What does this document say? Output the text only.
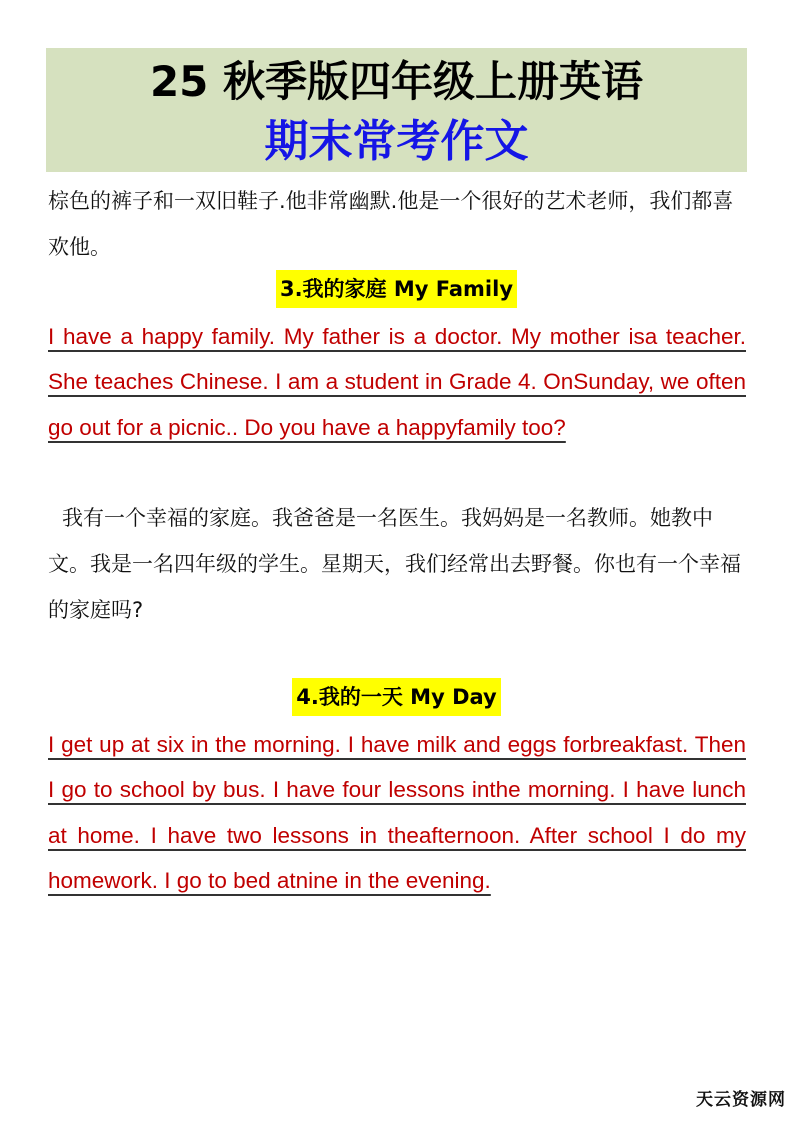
25 秋季版四年级上册英语
期末常考作文
棕色的裤子和一双旧鞋子.他非常幽默.他是一个很好的艺术老师，我们都喜欢他。
3.我的家庭 My Family
I have a happy family. My father is a doctor. My mother isa teacher. She teaches Chinese. I am a student in Grade 4. OnSunday, we often go out for a picnic.. Do you have a happyfamily too?
我有一个幸福的家庭。我爸爸是一名医生。我妈妈是一名教师。她教中文。我是一名四年级的学生。星期天，我们经常出去野餐。你也有一个幸福的家庭吗?
4.我的一天 My Day
I get up at six in the morning. I have milk and eggs forbreakfast. Then I go to school by bus. I have four lessons inthe morning. I have lunch at home. I have two lessons in theafternoon. After school I do my homework. I go to bed atnine in the evening.
天云资源网
